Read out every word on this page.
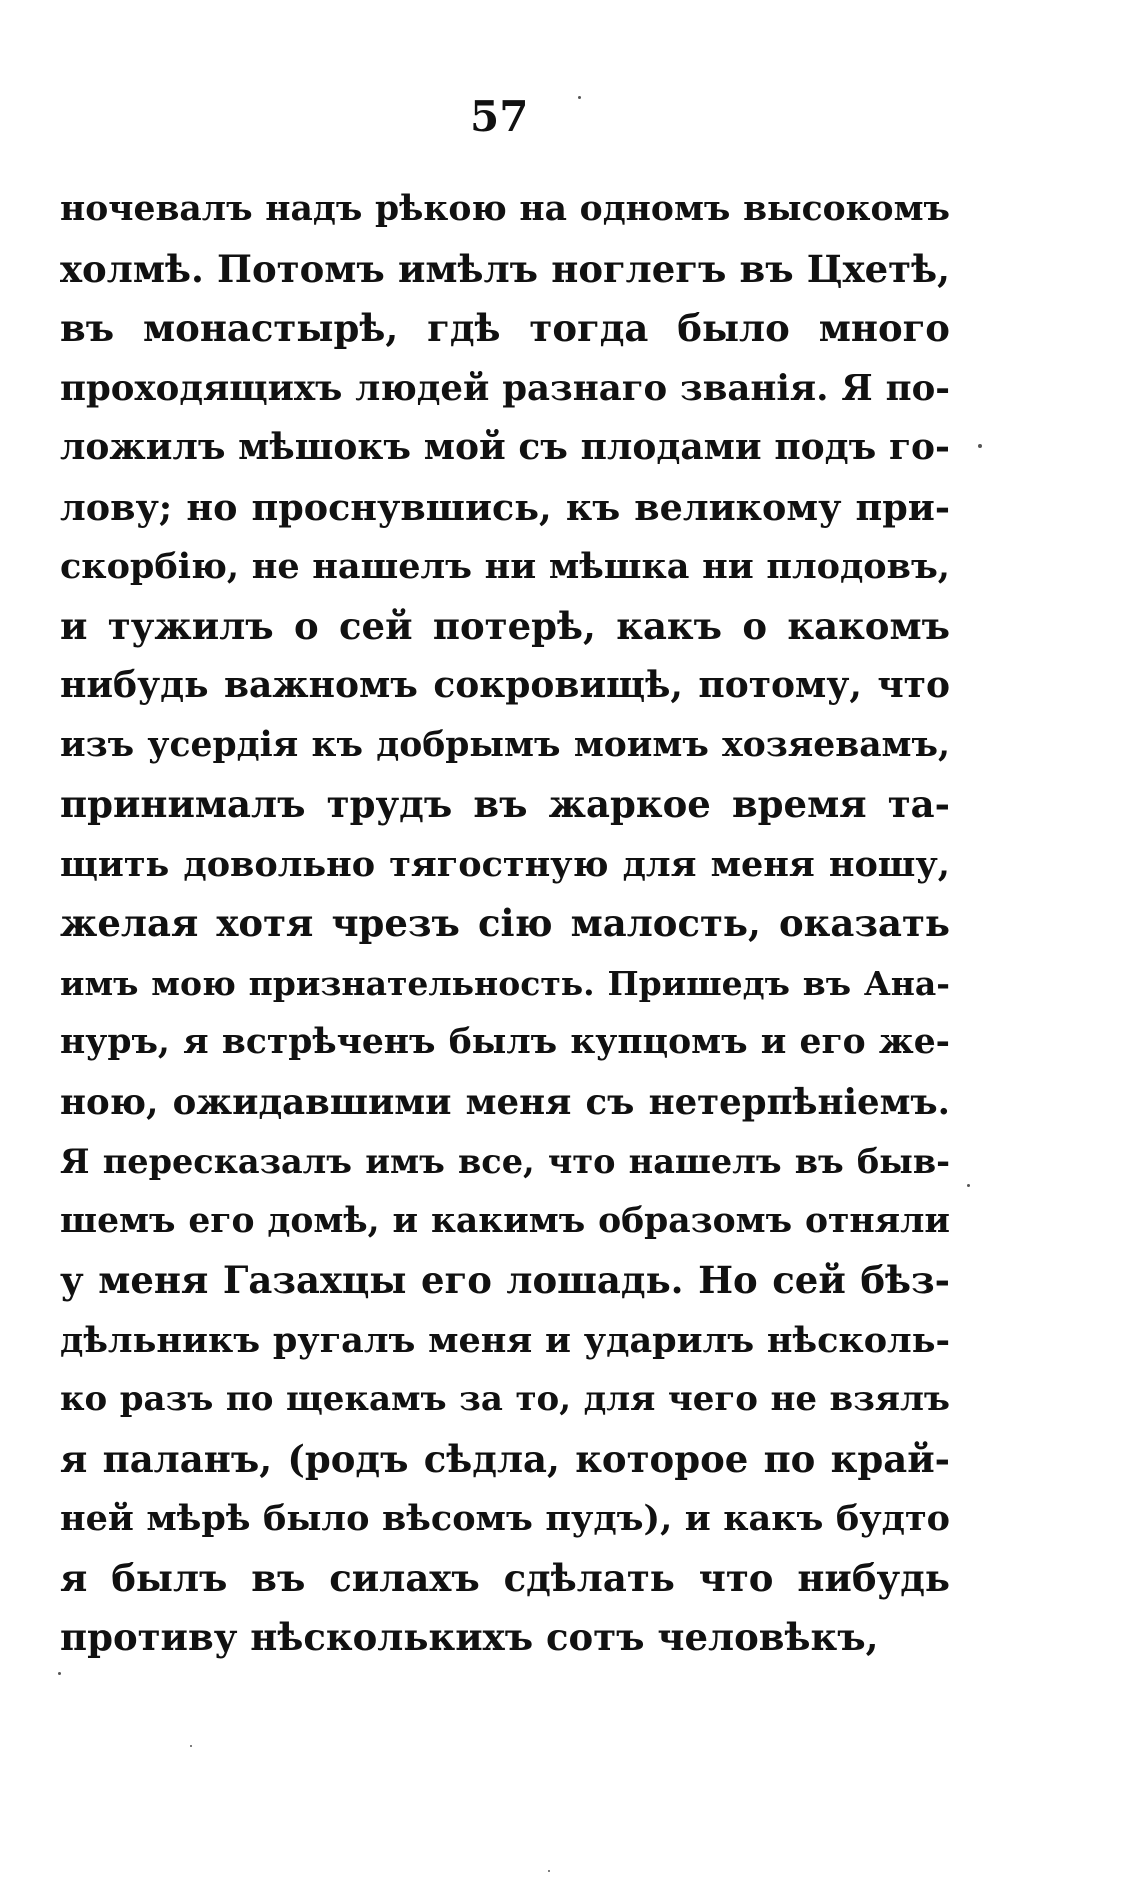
57
ночевалъ надъ рѣкою на одномъ высокомъ
холмѣ. Потомъ имѣлъ ноглегъ въ Цхетѣ,
въ монастырѣ, гдѣ тогда было много
проходящихъ людей разнаго званія. Я по-
ложилъ мѣшокъ мой съ плодами подъ го-
лову; но проснувшись, къ великому при-
скорбію, не нашелъ ни мѣшка ни плодовъ,
и тужилъ о сей потерѣ, какъ о какомъ
нибудь важномъ сокровищѣ, потому, что
изъ усердія къ добрымъ моимъ хозяевамъ,
принималъ трудъ въ жаркое время та-
щить довольно тягостную для меня ношу,
желая хотя чрезъ сію малость, оказать
имъ мою признательность. Пришедъ въ Ана-
нуръ, я встрѣченъ былъ купцомъ и его же-
ною, ожидавшими меня съ нетерпѣніемъ.
Я пересказалъ имъ все, что нашелъ въ быв-
шемъ его домѣ, и какимъ образомъ отняли
у меня Газахцы его лошадь. Но сей бѣз-
дѣльникъ ругалъ меня и ударилъ нѣсколь-
ко разъ по щекамъ за то, для чего не взялъ
я паланъ, (родъ сѣдла, которое по край-
ней мѣрѣ было вѣсомъ пудъ), и какъ будто
я былъ въ силахъ сдѣлать что нибудь
противу нѣсколькихъ сотъ человѣкъ,
